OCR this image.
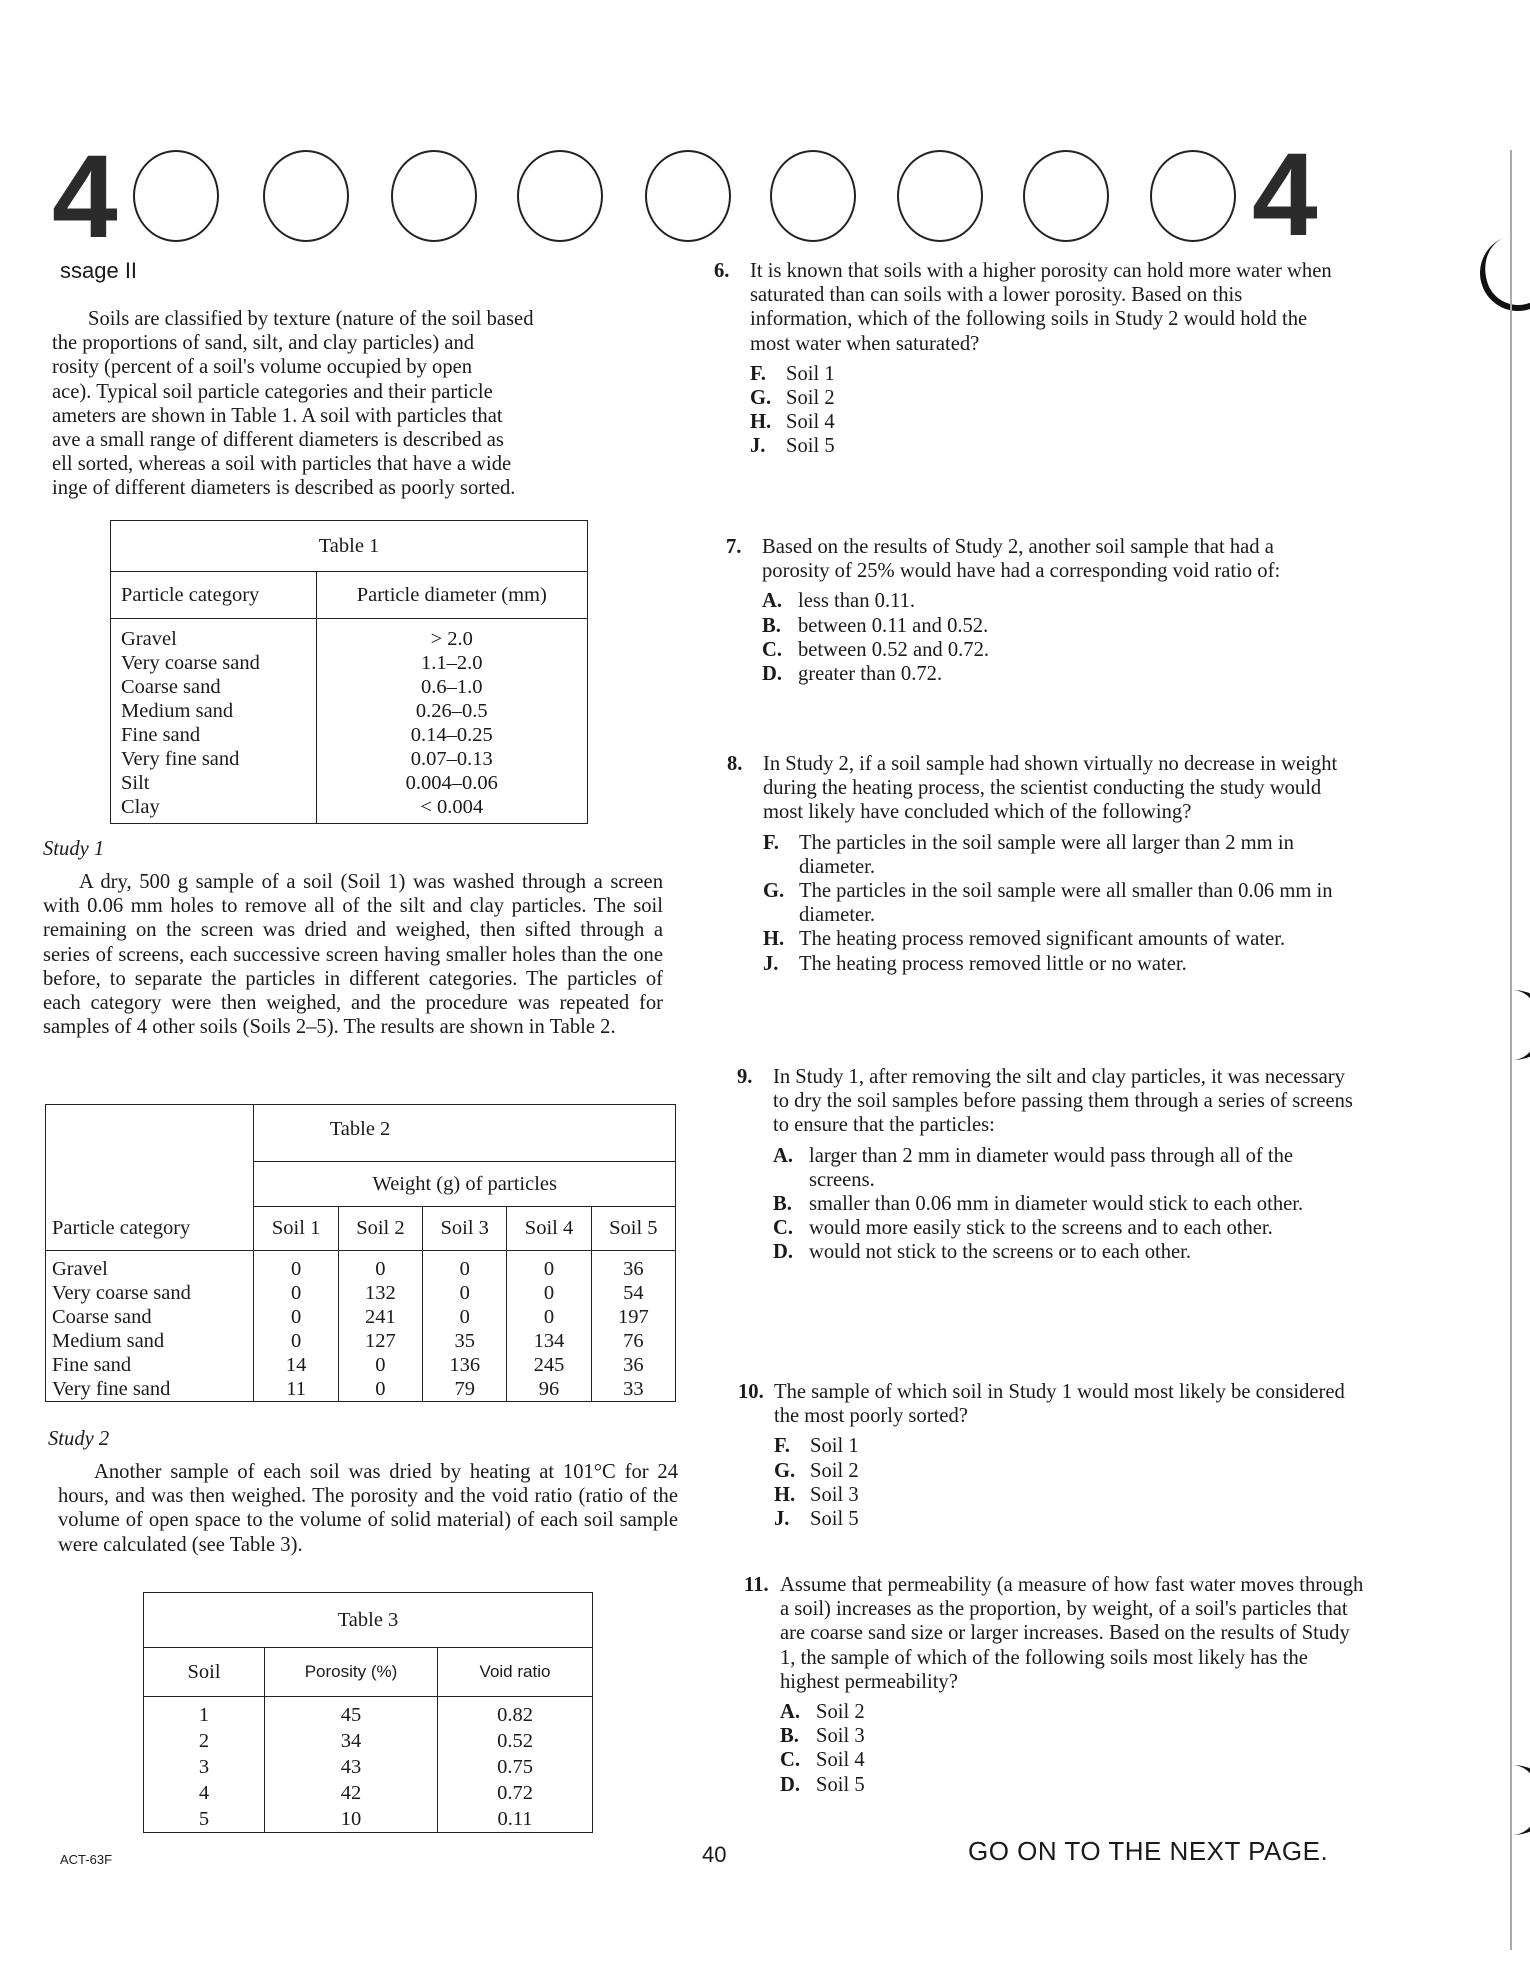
4	4
ssage II

Soils are classified by texture (nature of the soil based

the proportions of sand, silt, and clay particles) and

rosity (percent of a soil's volume occupied by open

ace). Typical soil particle categories and their particle

ameters are shown in Table 1. A soil with particles that

ave a small range of different diameters is described as

ell sorted, whereas a soil with particles that have a wide

inge of different diameters is described as poorly sorted.

Table 1	
Particle category	Particle diameter (mm)
Gravel	> 2.0
Very coarse sand	1.1–2.0
Coarse sand	0.6–1.0
Medium sand	0.26–0.5
Fine sand	0.14–0.25
Very fine sand	0.07–0.13
Silt	0.004–0.06
Clay	< 0.004
Study 1

A dry, 500 g sample of a soil (Soil 1) was washed through a screen with 0.06 mm holes to remove all of the silt and clay particles. The soil remaining on the screen was dried and weighed, then sifted through a series of screens, each successive screen having smaller holes than the one before, to separate the particles in different categories. The particles of each category were then weighed, and the procedure was repeated for samples of 4 other soils (Soils 2–5). The results are shown in Table 2.

	Weight (g) of particles				
Particle category	Soil 1	Soil 2	Soil 3	Soil 4	Soil 5
Gravel	0	0	0	0	36
Very coarse sand	0	132	0	0	54
Coarse sand	0	241	0	0	197
Medium sand	0	127	35	134	76
Fine sand	14	0	136	245	36
Very fine sand	11	0	79	96	33
Table 2
Study 2

Another sample of each soil was dried by heating at 101°C for 24 hours, and was then weighed. The porosity and the void ratio (ratio of the volume of open space to the volume of solid material) of each soil sample were calculated (see Table 3).

Table 3		
Soil	Porosity (%)	Void ratio
1	45	0.82
2	34	0.52
3	43	0.75
4	42	0.72
5	10	0.11
6. It is known that soils with a higher porosity can hold more water when saturated than can soils with a lower porosity. Based on this information, which of the following soils in Study 2 would hold the most water when saturated?
F. Soil 1
G. Soil 2
H. Soil 4
J. Soil 5
7. Based on the results of Study 2, another soil sample that had a porosity of 25% would have had a corresponding void ratio of:
A. less than 0.11.
B. between 0.11 and 0.52.
C. between 0.52 and 0.72.
D. greater than 0.72.
8. In Study 2, if a soil sample had shown virtually no decrease in weight during the heating process, the scientist conducting the study would most likely have concluded which of the following?
F. The particles in the soil sample were all larger than 2 mm in diameter.
G. The particles in the soil sample were all smaller than 0.06 mm in diameter.
H. The heating process removed significant amounts of water.
J. The heating process removed little or no water.
9. In Study 1, after removing the silt and clay particles, it was necessary to dry the soil samples before passing them through a series of screens to ensure that the particles:
A. larger than 2 mm in diameter would pass through all of the screens.
B. smaller than 0.06 mm in diameter would stick to each other.
C. would more easily stick to the screens and to each other.
D. would not stick to the screens or to each other.
10. The sample of which soil in Study 1 would most likely be considered the most poorly sorted?
F. Soil 1
G. Soil 2
H. Soil 3
J. Soil 5
11. Assume that permeability (a measure of how fast water moves through a soil) increases as the proportion, by weight, of a soil's particles that are coarse sand size or larger increases. Based on the results of Study 1, the sample of which of the following soils most likely has the highest permeability?
A. Soil 2
B. Soil 3
C. Soil 4
D. Soil 5
ACT-63F	40	GO ON TO THE NEXT PAGE.
